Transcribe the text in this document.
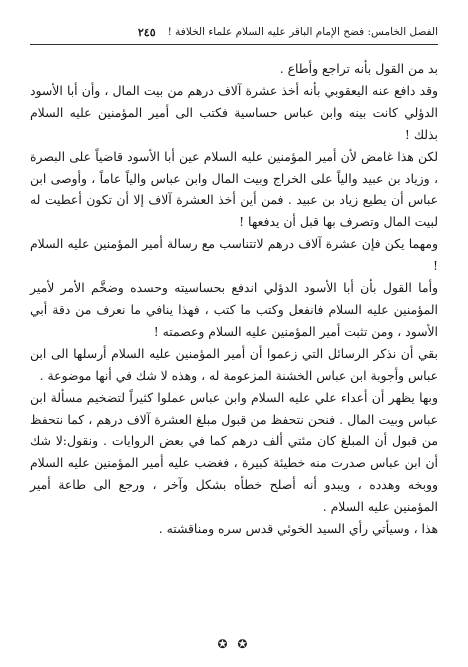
الفصل الخامس: فضح الإمام الباقر علیه السلام علماء الخلافة !
٢٤٥

بد من القول بأنه تراجع وأطاع .

وقد دافع عنه اليعقوبي بأنه أخذ عشرة آلاف درهم من بيت المال ، وأن أبا الأسود الدؤلي كانت بينه وابن عباس حساسية فكتب الى أمير المؤمنين عليه السلام بذلك !

لكن هذا غامض لأن أمير المؤمنين عليه السلام عين أبا الأسود قاضياً على البصرة ، وزياد بن عبيد والياً على الخراج وبيت المال وابن عباس والياً عاماً ، وأوصى ابن عباس أن يطيع زياد بن عبيد . فمن أين أخذ العشرة آلاف إلا أن تكون أعطيت له لبيت المال وتصرف بها قبل أن يدفعها !

ومهما يكن فإن عشرة آلاف درهم لاتتناسب مع رسالة أمير المؤمنين عليه السلام !

وأما القول بأن أبا الأسود الدؤلي اندفع بحساسيته وحسده وضخَّم الأمر لأمير المؤمنين عليه السلام فانفعل وكتب ما كتب ، فهذا ينافي ما نعرف من دقة أبي الأسود ، ومن تثبت أمير المؤمنين عليه السلام وعصمته !

بقي أن نذكر الرسائل التي زعموا أن أمير المؤمنين عليه السلام أرسلها الى ابن عباس وأجوبة ابن عباس الخشنة المزعومة له ، وهذه لا شك في أنها موضوعة .

وبها يظهر أن أعداء علي عليه السلام وابن عباس عملوا كثيراً لتضخيم مسألة ابن عباس وبيت المال . فنحن نتحفظ من قبول مبلغ العشرة آلاف درهم ، كما نتحفظ من قبول أن المبلغ كان مئتي ألف درهم كما في بعض الروايات . ونقول:لا شك أن ابن عباس صدرت منه خطيئة كبيرة ، فغضب عليه أمير المؤمنين عليه السلام ووبخه وهدده ، ويبدو أنه أصلح خطأه بشكل وآخر ، ورجع الى طاعة أمير المؤمنين عليه السلام .

هذا ، وسيأتي رأي السيد الخوئي قدس سره ومناقشته .

✪ ✪
